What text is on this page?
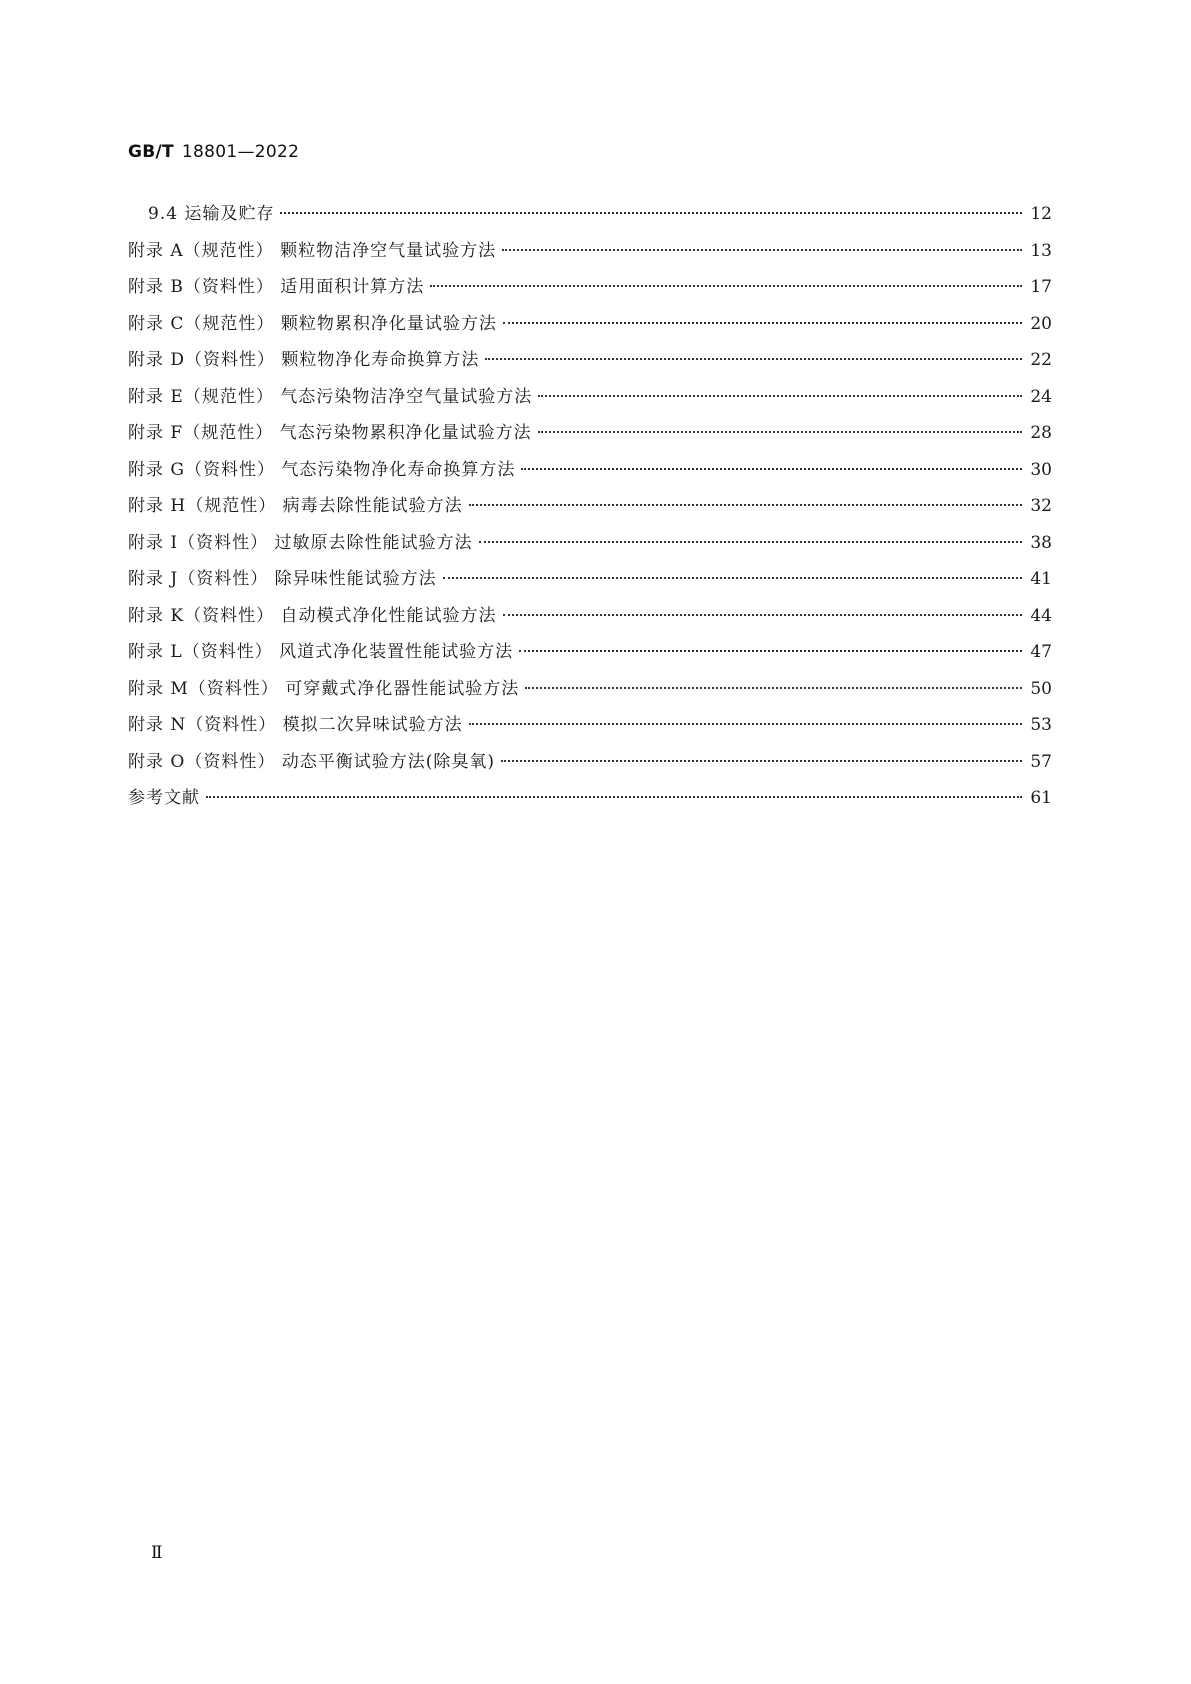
GB/T 18801—2022
9.4 运输及贮存	12
附录 A（规范性） 颗粒物洁净空气量试验方法	13
附录 B（资料性） 适用面积计算方法	17
附录 C（规范性） 颗粒物累积净化量试验方法	20
附录 D（资料性） 颗粒物净化寿命换算方法	22
附录 E（规范性） 气态污染物洁净空气量试验方法	24
附录 F（规范性） 气态污染物累积净化量试验方法	28
附录 G（资料性） 气态污染物净化寿命换算方法	30
附录 H（规范性） 病毒去除性能试验方法	32
附录 I（资料性） 过敏原去除性能试验方法	38
附录 J（资料性） 除异味性能试验方法	41
附录 K（资料性） 自动模式净化性能试验方法	44
附录 L（资料性） 风道式净化装置性能试验方法	47
附录 M（资料性） 可穿戴式净化器性能试验方法	50
附录 N（资料性） 模拟二次异味试验方法	53
附录 O（资料性） 动态平衡试验方法(除臭氧)	57
参考文献	61
Ⅱ
